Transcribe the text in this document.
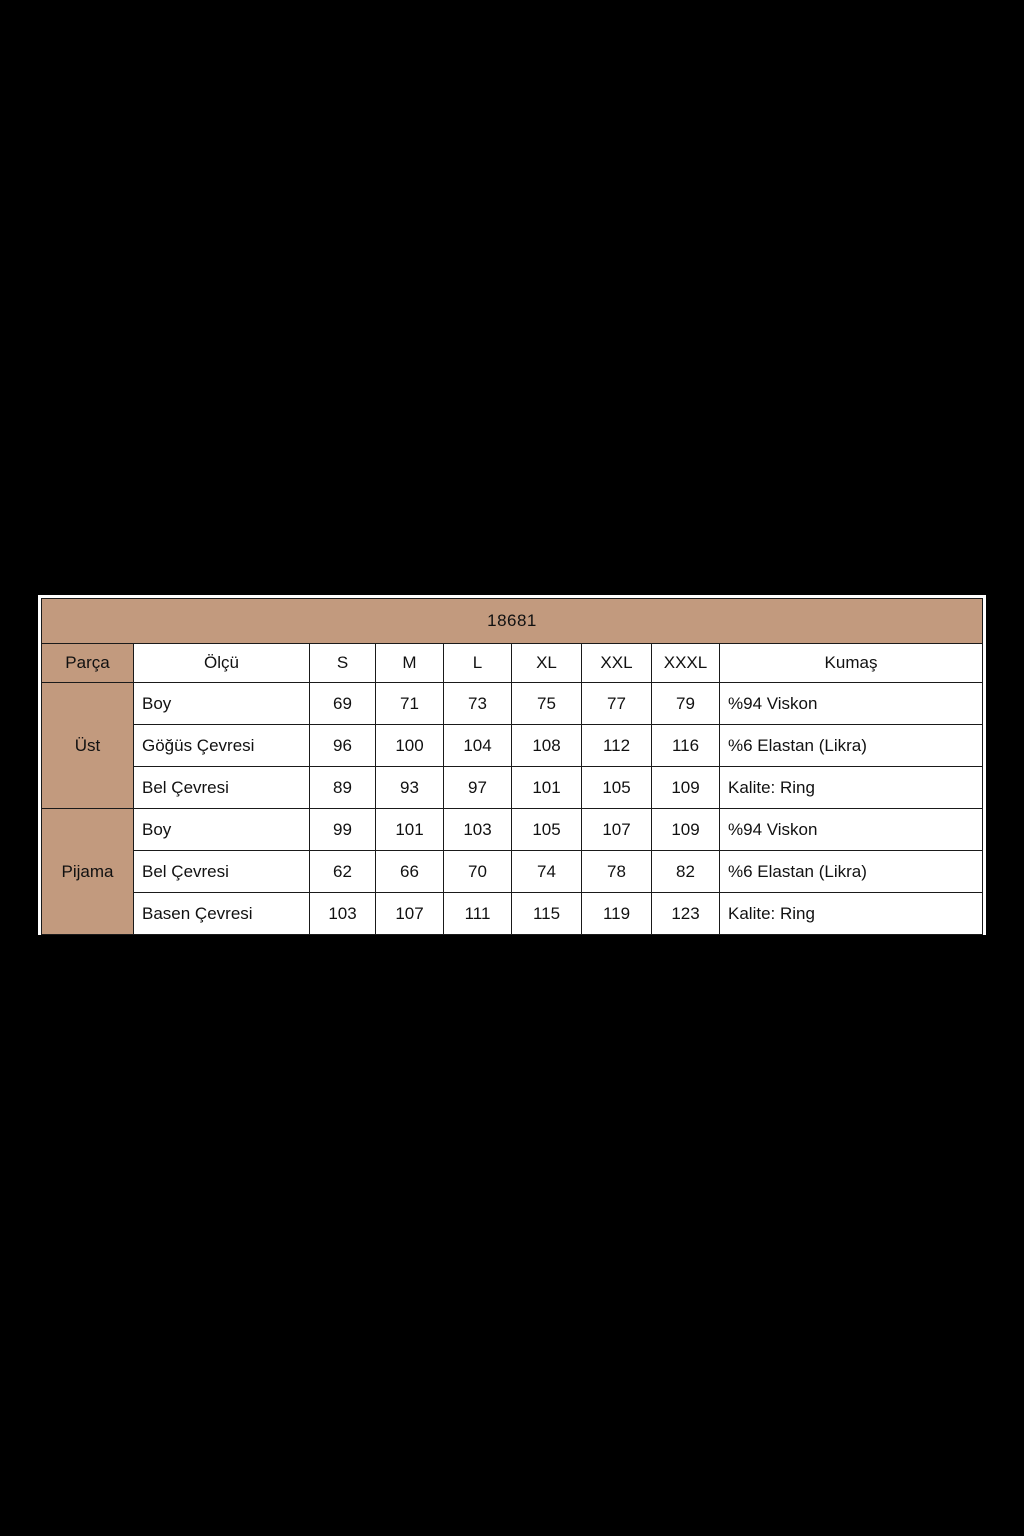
18681								
Parça	Ölçü	S	M	L	XL	XXL	XXXL	Kumaş
Üst	Boy	69	71	73	75	77	79	%94 Viskon
	Göğüs Çevresi	96	100	104	108	112	116	%6 Elastan (Likra)
	Bel Çevresi	89	93	97	101	105	109	Kalite: Ring
Pijama	Boy	99	101	103	105	107	109	%94 Viskon
	Bel Çevresi	62	66	70	74	78	82	%6 Elastan (Likra)
	Basen Çevresi	103	107	111	115	119	123	Kalite: Ring
